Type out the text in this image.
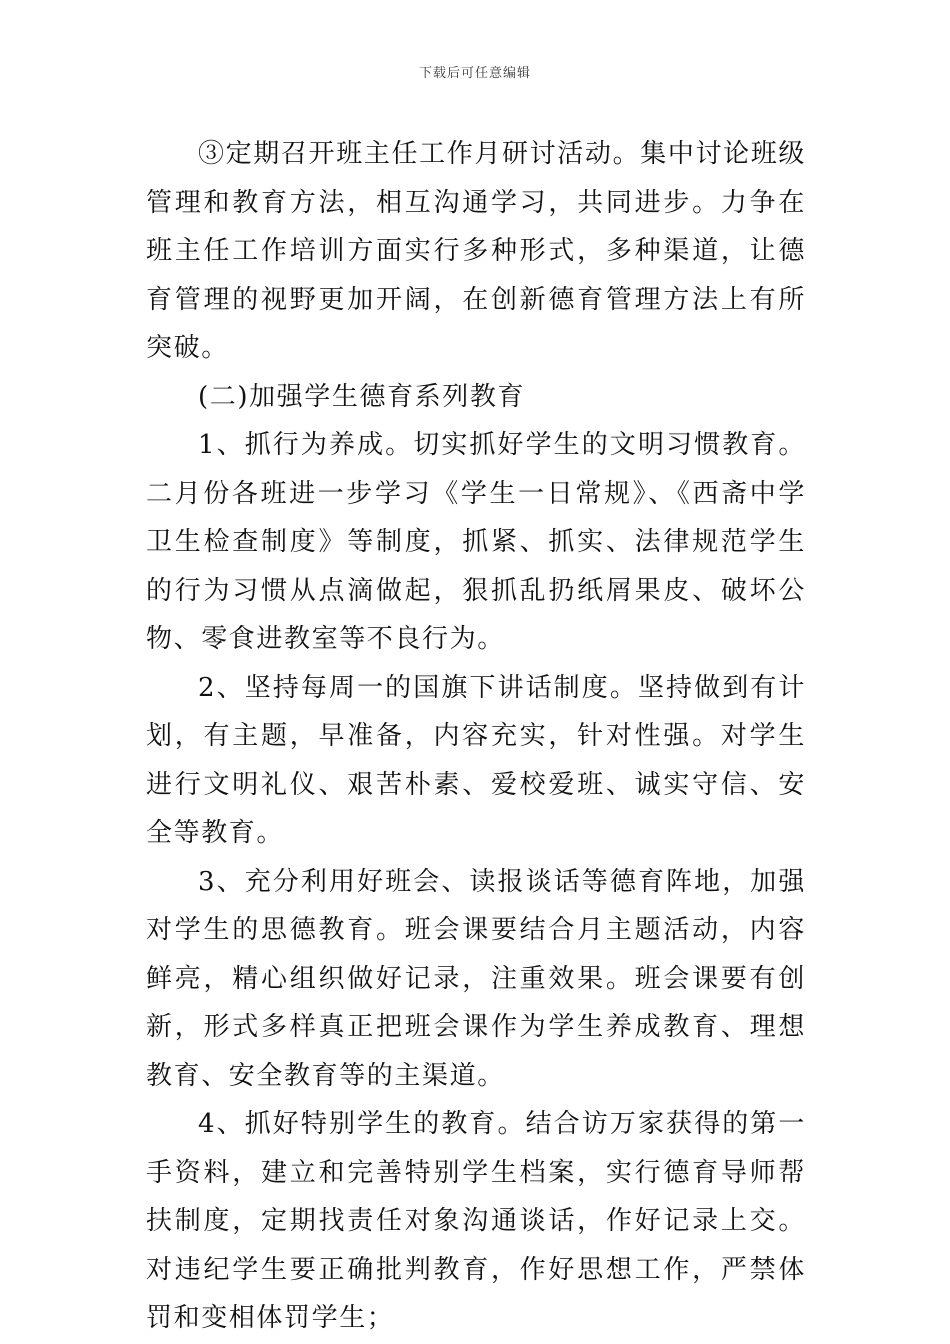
下载后可任意编辑

③定期召开班主任工作月研讨活动。集中讨论班级管理和教育方法，相互沟通学习，共同进步。力争在班主任工作培训方面实行多种形式，多种渠道，让德育管理的视野更加开阔，在创新德育管理方法上有所突破。

(二)加强学生德育系列教育

1、抓行为养成。切实抓好学生的文明习惯教育。二月份各班进一步学习《学生一日常规》、《西斋中学卫生检查制度》等制度，抓紧、抓实、法律规范学生的行为习惯从点滴做起，狠抓乱扔纸屑果皮、破坏公物、零食进教室等不良行为。

2、坚持每周一的国旗下讲话制度。坚持做到有计划，有主题，早准备，内容充实，针对性强。对学生进行文明礼仪、艰苦朴素、爱校爱班、诚实守信、安全等教育。

3、充分利用好班会、读报谈话等德育阵地，加强对学生的思德教育。班会课要结合月主题活动，内容鲜亮，精心组织做好记录，注重效果。班会课要有创新，形式多样真正把班会课作为学生养成教育、理想教育、安全教育等的主渠道。

4、抓好特别学生的教育。结合访万家获得的第一手资料，建立和完善特别学生档案，实行德育导师帮扶制度，定期找责任对象沟通谈话，作好记录上交。对违纪学生要正确批判教育，作好思想工作，严禁体罚和变相体罚学生；
